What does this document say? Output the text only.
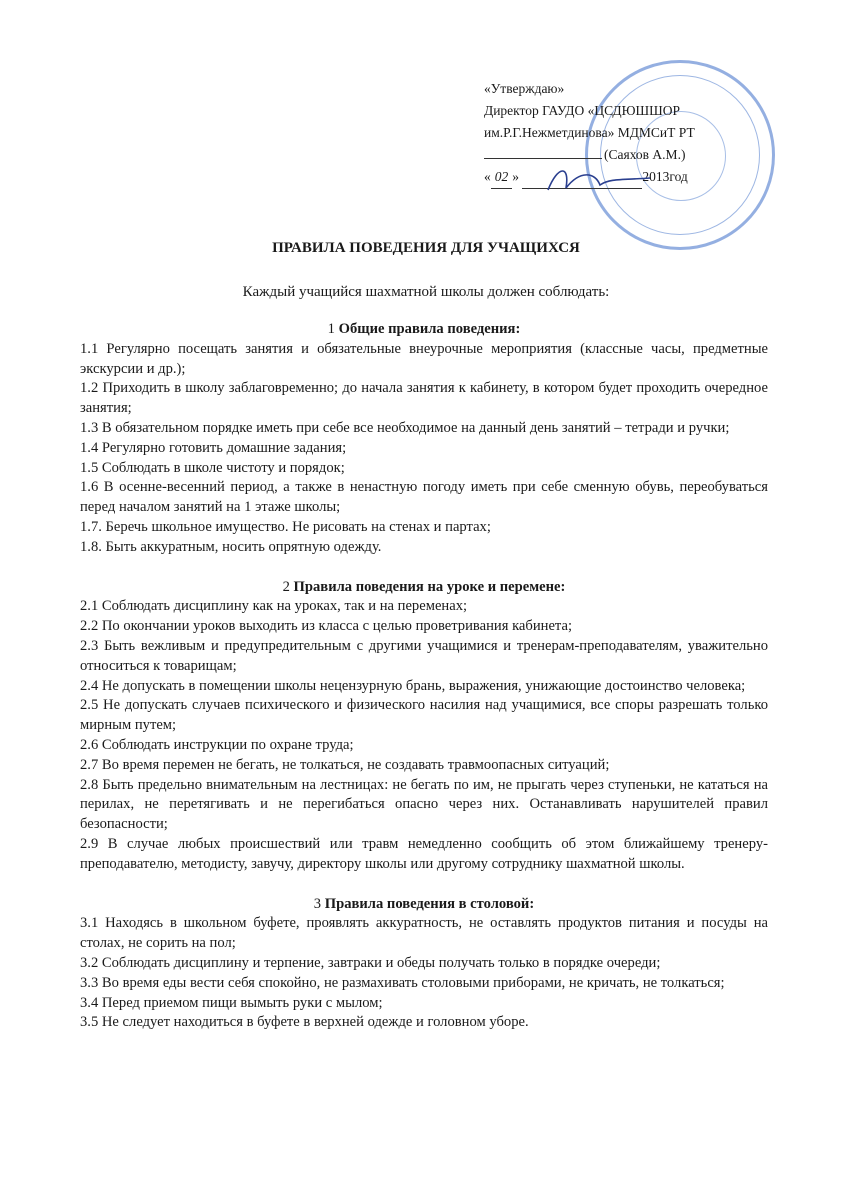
«Утверждаю»
Директор ГАУДО «ЦСДЮШШОР
им.Р.Г.Нежметдинова» МДМСиТ РТ
(Саяхов А.М.)
« 02 »	2013год
ПРАВИЛА ПОВЕДЕНИЯ ДЛЯ УЧАЩИХСЯ
Каждый учащийся шахматной школы должен соблюдать:
1 Общие правила поведения:

1.1 Регулярно посещать занятия и обязательные внеурочные мероприятия (классные часы, предметные экскурсии и др.);

1.2 Приходить в школу заблаговременно; до начала занятия к кабинету, в котором будет проходить очередное занятия;

1.3 В обязательном порядке иметь при себе все необходимое на данный день занятий – тетради и ручки;

1.4 Регулярно готовить домашние задания;

1.5 Соблюдать в школе чистоту и порядок;

1.6 В осенне-весенний период, а также в ненастную погоду иметь при себе сменную обувь, переобуваться перед началом занятий на 1 этаже школы;

1.7. Беречь школьное имущество. Не рисовать на стенах и партах;

1.8. Быть аккуратным, носить опрятную одежду.

2 Правила поведения на уроке и перемене:

2.1 Соблюдать дисциплину как на уроках, так и на переменах;

2.2 По окончании уроков выходить из класса с целью проветривания кабинета;

2.3 Быть вежливым и предупредительным с другими учащимися и тренерам-преподавателям, уважительно относиться к товарищам;

2.4 Не допускать в помещении школы нецензурную брань, выражения, унижающие достоинство человека;

2.5 Не допускать случаев психического и физического насилия над учащимися, все споры разрешать только мирным путем;

2.6 Соблюдать инструкции по охране труда;

2.7 Во время перемен не бегать, не толкаться, не создавать травмоопасных ситуаций;

2.8 Быть предельно внимательным на лестницах: не бегать по им, не прыгать через ступеньки, не кататься на перилах, не перетягивать и не перегибаться опасно через них. Останавливать нарушителей правил безопасности;

2.9 В случае любых происшествий или травм немедленно сообщить об этом ближайшему тренеру-преподавателю, методисту, завучу, директору школы или другому сотруднику шахматной школы.

3 Правила поведения в столовой:

3.1 Находясь в школьном буфете, проявлять аккуратность, не оставлять продуктов питания и посуды на столах, не сорить на пол;

3.2 Соблюдать дисциплину и терпение, завтраки и обеды получать только в порядке очереди;

3.3 Во время еды вести себя спокойно, не размахивать столовыми приборами, не кричать, не толкаться;

3.4 Перед приемом пищи вымыть руки с мылом;

3.5 Не следует находиться в буфете в верхней одежде и головном уборе.
